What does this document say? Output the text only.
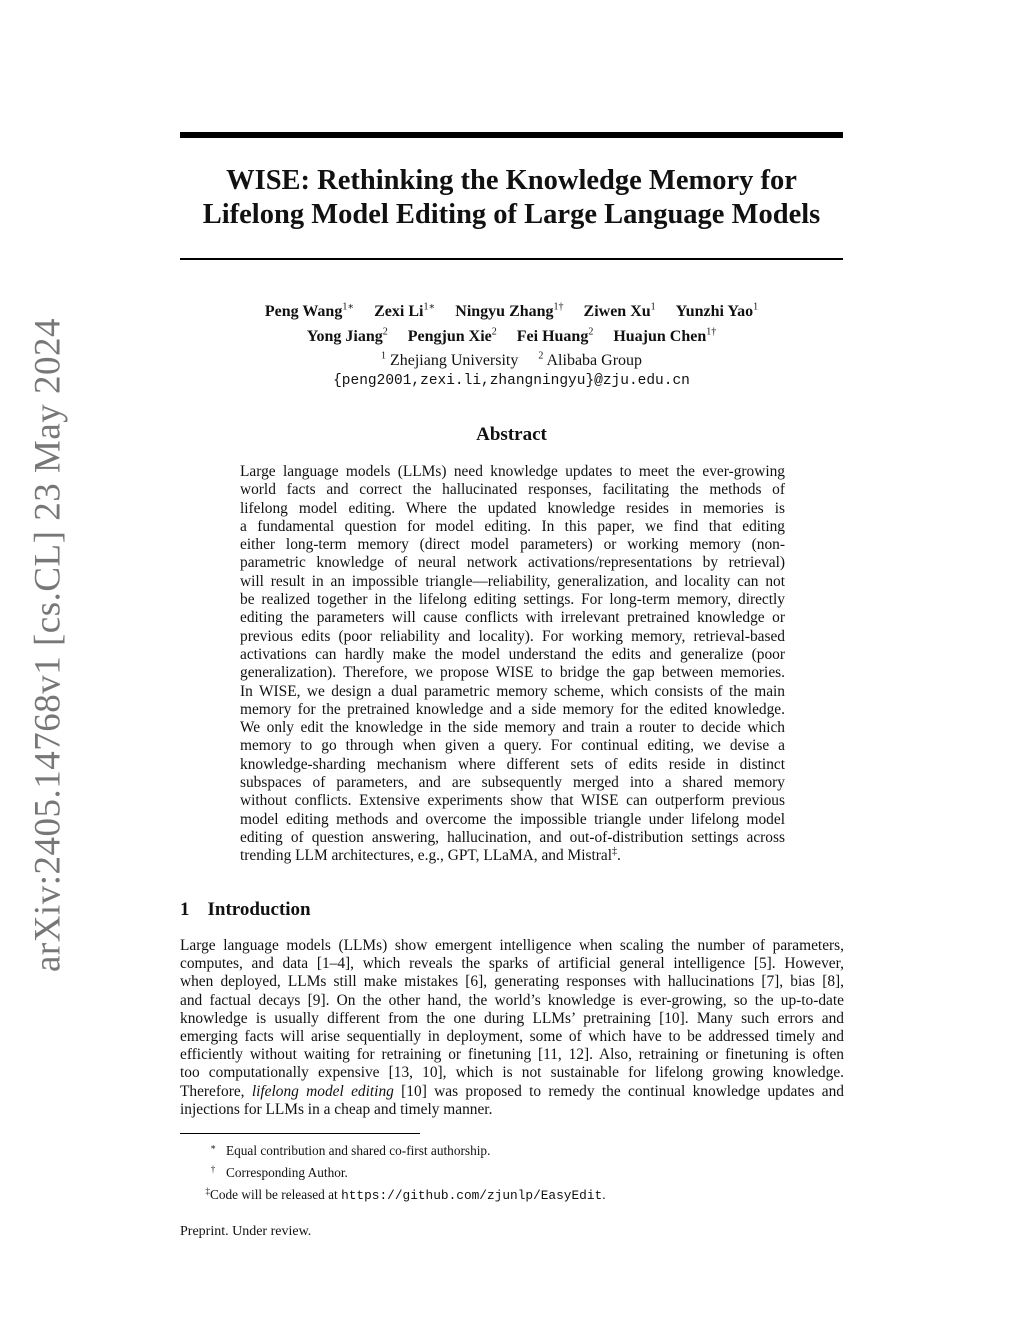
arXiv:2405.14768v1 [cs.CL] 23 May 2024
WISE: Rethinking the Knowledge Memory for
Lifelong Model Editing of Large Language Models
Peng Wang$^{1∗}$ Zexi $Li^{1∗}$ Ningyu Zhang$^{1\dagger}$ Ziwen Xu$^1$ Yunzhi Yao$^1$
Yong Jiang$^2$ Pengjun Xie$^2$ Fei Huang$^2$ Huajun Chen$^{1\dagger}$
$^1$ Zhejiang University $^2$ Alibaba Group
{peng2001,zexi.li,zhangningyu}@zju.edu.cn
Abstract
Large language models (LLMs) need knowledge updates to meet the ever-growing
world facts and correct the hallucinated responses, facilitating the methods of
lifelong model editing. Where the updated knowledge resides in memories is
a fundamental question for model editing. In this paper, we find that editing
either long-term memory (direct model parameters) or working memory (non-
parametric knowledge of neural network activations/representations by retrieval)
will result in an impossible triangle—reliability, generalization, and locality can not
be realized together in the lifelong editing settings. For long-term memory, directly
editing the parameters will cause conflicts with irrelevant pretrained knowledge or
previous edits (poor reliability and locality). For working memory, retrieval-based
activations can hardly make the model understand the edits and generalize (poor
generalization). Therefore, we propose WISE to bridge the gap between memories.
In WISE, we design a dual parametric memory scheme, which consists of the main
memory for the pretrained knowledge and a side memory for the edited knowledge.
We only edit the knowledge in the side memory and train a router to decide which
memory to go through when given a query. For continual editing, we devise a
knowledge-sharding mechanism where different sets of edits reside in distinct
subspaces of parameters, and are subsequently merged into a shared memory
without conflicts. Extensive experiments show that WISE can outperform previous
model editing methods and overcome the impossible triangle under lifelong model
editing of question answering, hallucination, and out-of-distribution settings across
trending LLM architectures, e.g., GPT, LLaMA, and Mistral‡.
1 Introduction
Large language models (LLMs) show emergent intelligence when scaling the number of parameters,
computes, and data [1–4], which reveals the sparks of artificial general intelligence [5]. However,
when deployed, LLMs still make mistakes [6], generating responses with hallucinations [7], bias [8],
and factual decays [9]. On the other hand, the world’s knowledge is ever-growing, so the up-to-date
knowledge is usually different from the one during LLMs’ pretraining [10]. Many such errors and
emerging facts will arise sequentially in deployment, some of which have to be addressed timely and
efficiently without waiting for retraining or finetuning [11, 12]. Also, retraining or finetuning is often
too computationally expensive [13, 10], which is not sustainable for lifelong growing knowledge.
Therefore, lifelong model editing [10] was proposed to remedy the continual knowledge updates and
injections for LLMs in a cheap and timely manner.
∗ Equal contribution and shared co-first authorship.
† Corresponding Author.
‡Code will be released at https://github.com/zjunlp/EasyEdit.
Preprint. Under review.
